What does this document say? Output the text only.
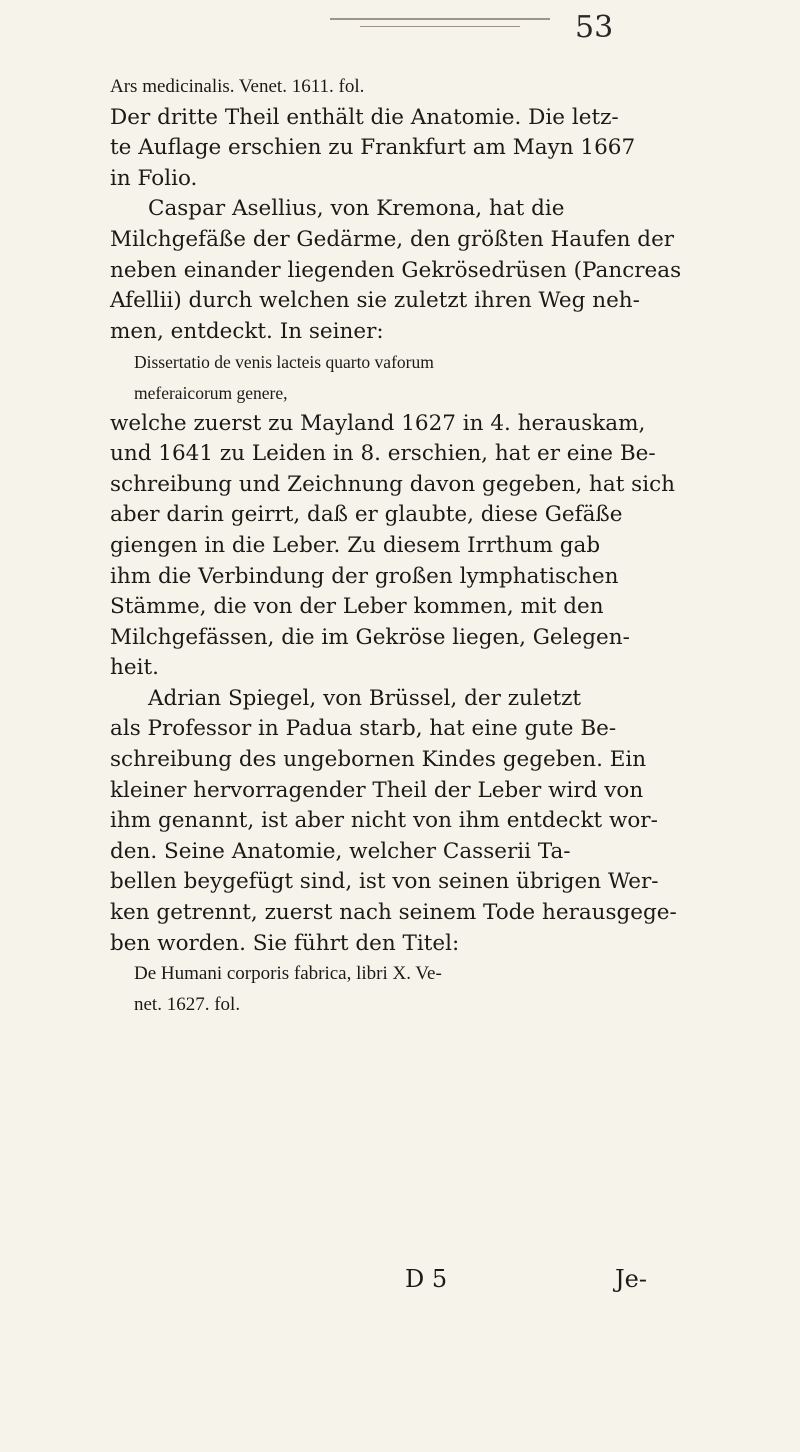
53
Ars medicinalis. Venet. 1611. fol.
Der dritte Theil enthält die Anatomie. Die letz-
te Auflage erschien zu Frankfurt am Mayn 1667
in Folio.
Caspar Asellius, von Kremona, hat die
Milchgefäße der Gedärme, den größten Haufen der
neben einander liegenden Gekrösedrüsen (Pancreas
Afellii) durch welchen sie zuletzt ihren Weg neh-
men, entdeckt. In seiner:
Dissertatio de venis lacteis quarto vaforum
meferaicorum genere,
welche zuerst zu Mayland 1627 in 4. herauskam,
und 1641 zu Leiden in 8. erschien, hat er eine Be-
schreibung und Zeichnung davon gegeben, hat sich
aber darin geirrt, daß er glaubte, diese Gefäße
giengen in die Leber. Zu diesem Irrthum gab
ihm die Verbindung der großen lymphatischen
Stämme, die von der Leber kommen, mit den
Milchgefässen, die im Gekröse liegen, Gelegen-
heit.
Adrian Spiegel, von Brüssel, der zuletzt
als Professor in Padua starb, hat eine gute Be-
schreibung des ungebornen Kindes gegeben. Ein
kleiner hervorragender Theil der Leber wird von
ihm genannt, ist aber nicht von ihm entdeckt wor-
den. Seine Anatomie, welcher Casserii Ta-
bellen beygefügt sind, ist von seinen übrigen Wer-
ken getrennt, zuerst nach seinem Tode herausgege-
ben worden. Sie führt den Titel:
De Humani corporis fabrica, libri X. Ve-
net. 1627. fol.
D 5	Je-
